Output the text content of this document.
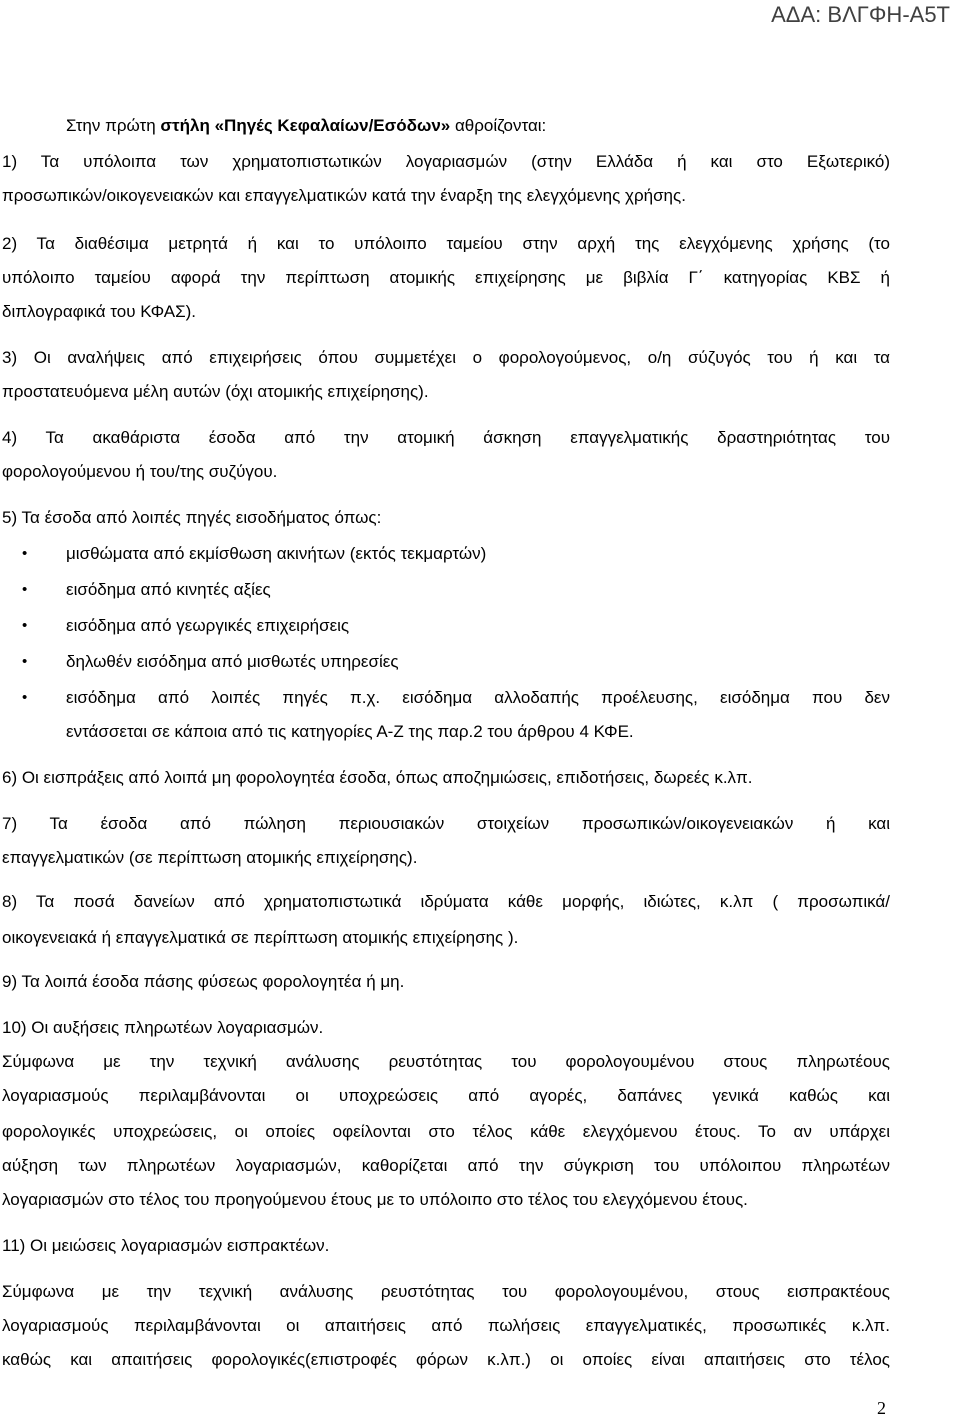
ΑΔΑ: ΒΛΓΦΗ-Α5Τ
Στην πρώτη στήλη «Πηγές Κεφαλαίων/Εσόδων» αθροίζονται:
1) Τα υπόλοιπα των χρηματοπιστωτικών λογαριασμών (στην Ελλάδα ή και στο Εξωτερικό)
προσωπικών/οικογενειακών και επαγγελματικών κατά την έναρξη της ελεγχόμενης χρήσης.
2) Τα διαθέσιμα μετρητά ή και το υπόλοιπο ταμείου στην αρχή της ελεγχόμενης χρήσης (το
υπόλοιπο ταμείου αφορά την περίπτωση ατομικής επιχείρησης με βιβλία Γ΄ κατηγορίας ΚΒΣ ή
διπλογραφικά του ΚΦΑΣ).
3) Οι αναλήψεις από επιχειρήσεις όπου συμμετέχει ο φορολογούμενος, ο/η σύζυγός του ή και τα
προστατευόμενα μέλη αυτών (όχι ατομικής επιχείρησης).
4) Τα ακαθάριστα έσοδα από την ατομική άσκηση επαγγελματικής δραστηριότητας του
φορολογούμενου ή του/της συζύγου.
5) Τα έσοδα από λοιπές πηγές εισοδήματος όπως:
• μισθώματα από εκμίσθωση ακινήτων (εκτός τεκμαρτών)
• εισόδημα από κινητές αξίες
• εισόδημα από γεωργικές επιχειρήσεις
• δηλωθέν εισόδημα από μισθωτές υπηρεσίες
• εισόδημα από λοιπές πηγές π.χ. εισόδημα αλλοδαπής προέλευσης, εισόδημα που δεν
εντάσσεται σε κάποια από τις κατηγορίες Α-Ζ της παρ.2 του άρθρου 4 ΚΦΕ.
6) Οι εισπράξεις από λοιπά μη φορολογητέα έσοδα, όπως αποζημιώσεις, επιδοτήσεις, δωρεές κ.λπ.
7) Τα έσοδα από πώληση περιουσιακών στοιχείων προσωπικών/οικογενειακών ή και
επαγγελματικών (σε περίπτωση ατομικής επιχείρησης).
8) Τα ποσά δανείων από χρηματοπιστωτικά ιδρύματα κάθε μορφής, ιδιώτες, κ.λπ ( προσωπικά/
οικογενειακά ή επαγγελματικά σε περίπτωση ατομικής επιχείρησης ).
9) Τα λοιπά έσοδα πάσης φύσεως φορολογητέα ή μη.
10) Οι αυξήσεις πληρωτέων λογαριασμών.
Σύμφωνα με την τεχνική ανάλυσης ρευστότητας του φορολογουμένου στους πληρωτέους
λογαριασμούς περιλαμβάνονται οι υποχρεώσεις από αγορές, δαπάνες γενικά καθώς και
φορολογικές υποχρεώσεις, οι οποίες οφείλονται στο τέλος κάθε ελεγχόμενου έτους. Το αν υπάρχει
αύξηση των πληρωτέων λογαριασμών, καθορίζεται από την σύγκριση του υπόλοιπου πληρωτέων
λογαριασμών στο τέλος του προηγούμενου έτους με το υπόλοιπο στο τέλος του ελεγχόμενου έτους.
11) Οι μειώσεις λογαριασμών εισπρακτέων.
Σύμφωνα με την τεχνική ανάλυσης ρευστότητας του φορολογουμένου, στους εισπρακτέους
λογαριασμούς περιλαμβάνονται οι απαιτήσεις από πωλήσεις επαγγελματικές, προσωπικές κ.λπ.
καθώς και απαιτήσεις φορολογικές(επιστροφές φόρων κ.λπ.) οι οποίες είναι απαιτήσεις στο τέλος
2
